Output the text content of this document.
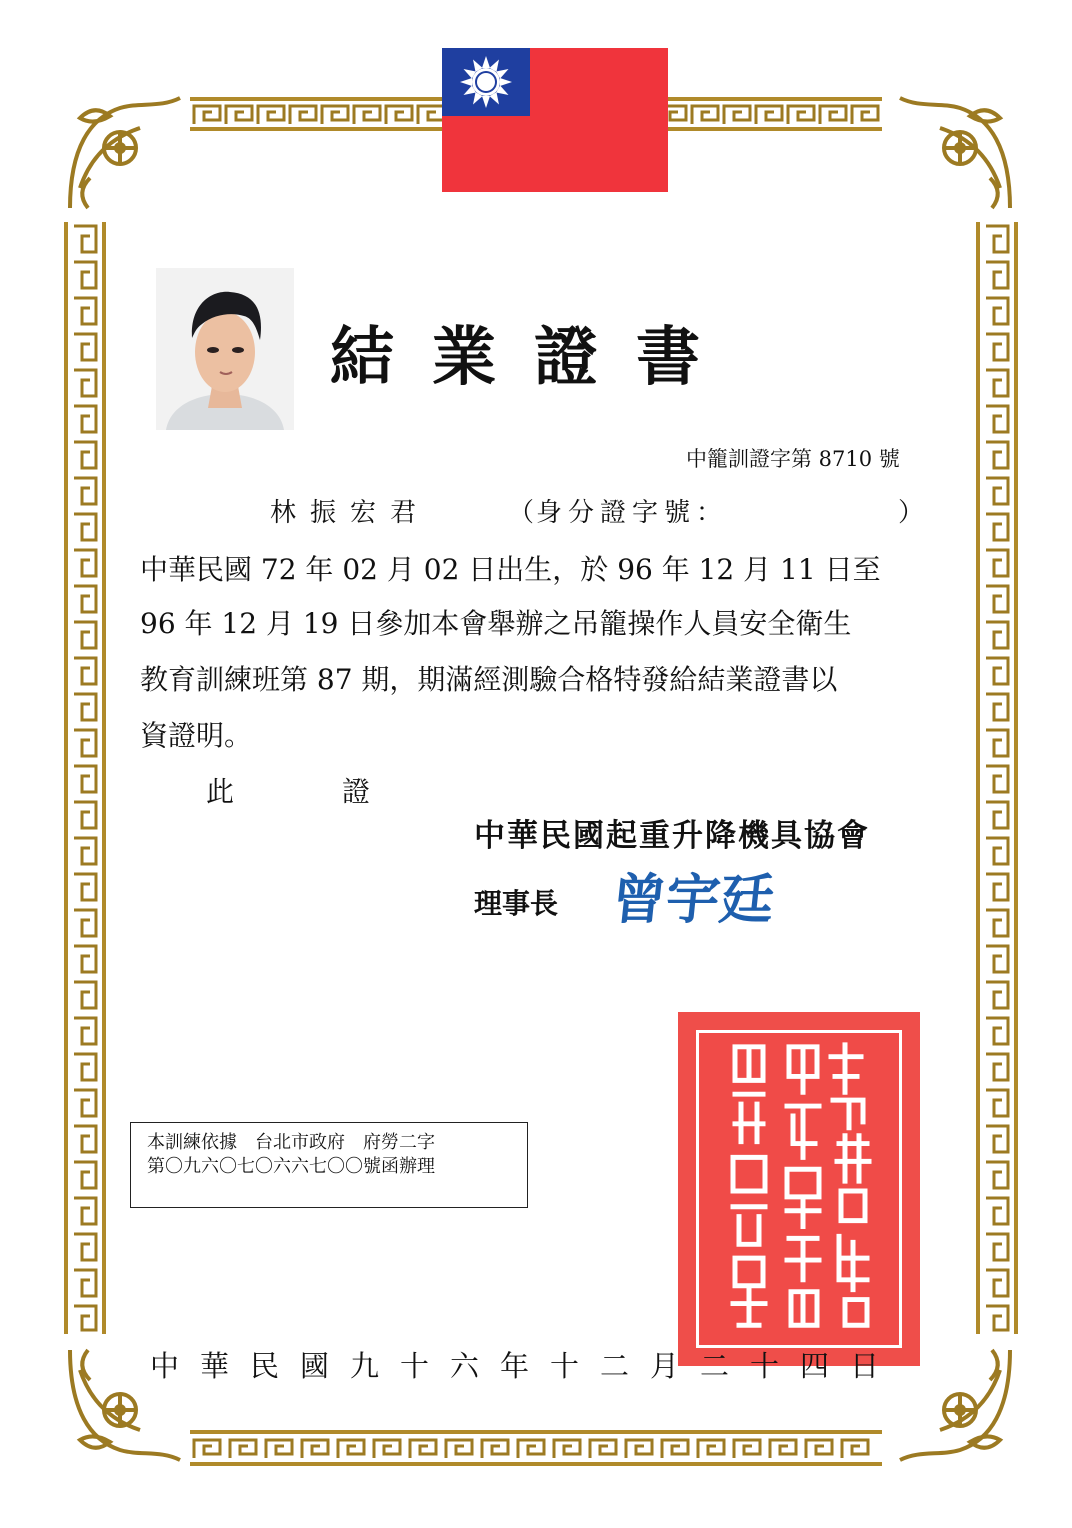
結業證書
中籠訓證字第 8710 號
林振宏君	（ 身分證字號：	）
中華民國 72 年 02 月 02 日出生，於 96 年 12 月 11 日至
96 年 12 月 19 日參加本會舉辦之吊籠操作人員安全衛生
教育訓練班第 87 期，期滿經測驗合格特發給結業證書以
資證明。
此	證
中華民國起重升降機具協會
理事長 曾宇廷
本訓練依據　台北市政府　府勞二字
第〇九六〇七〇六六七〇〇號函辦理
中華民國九十六年十二月二十四日
